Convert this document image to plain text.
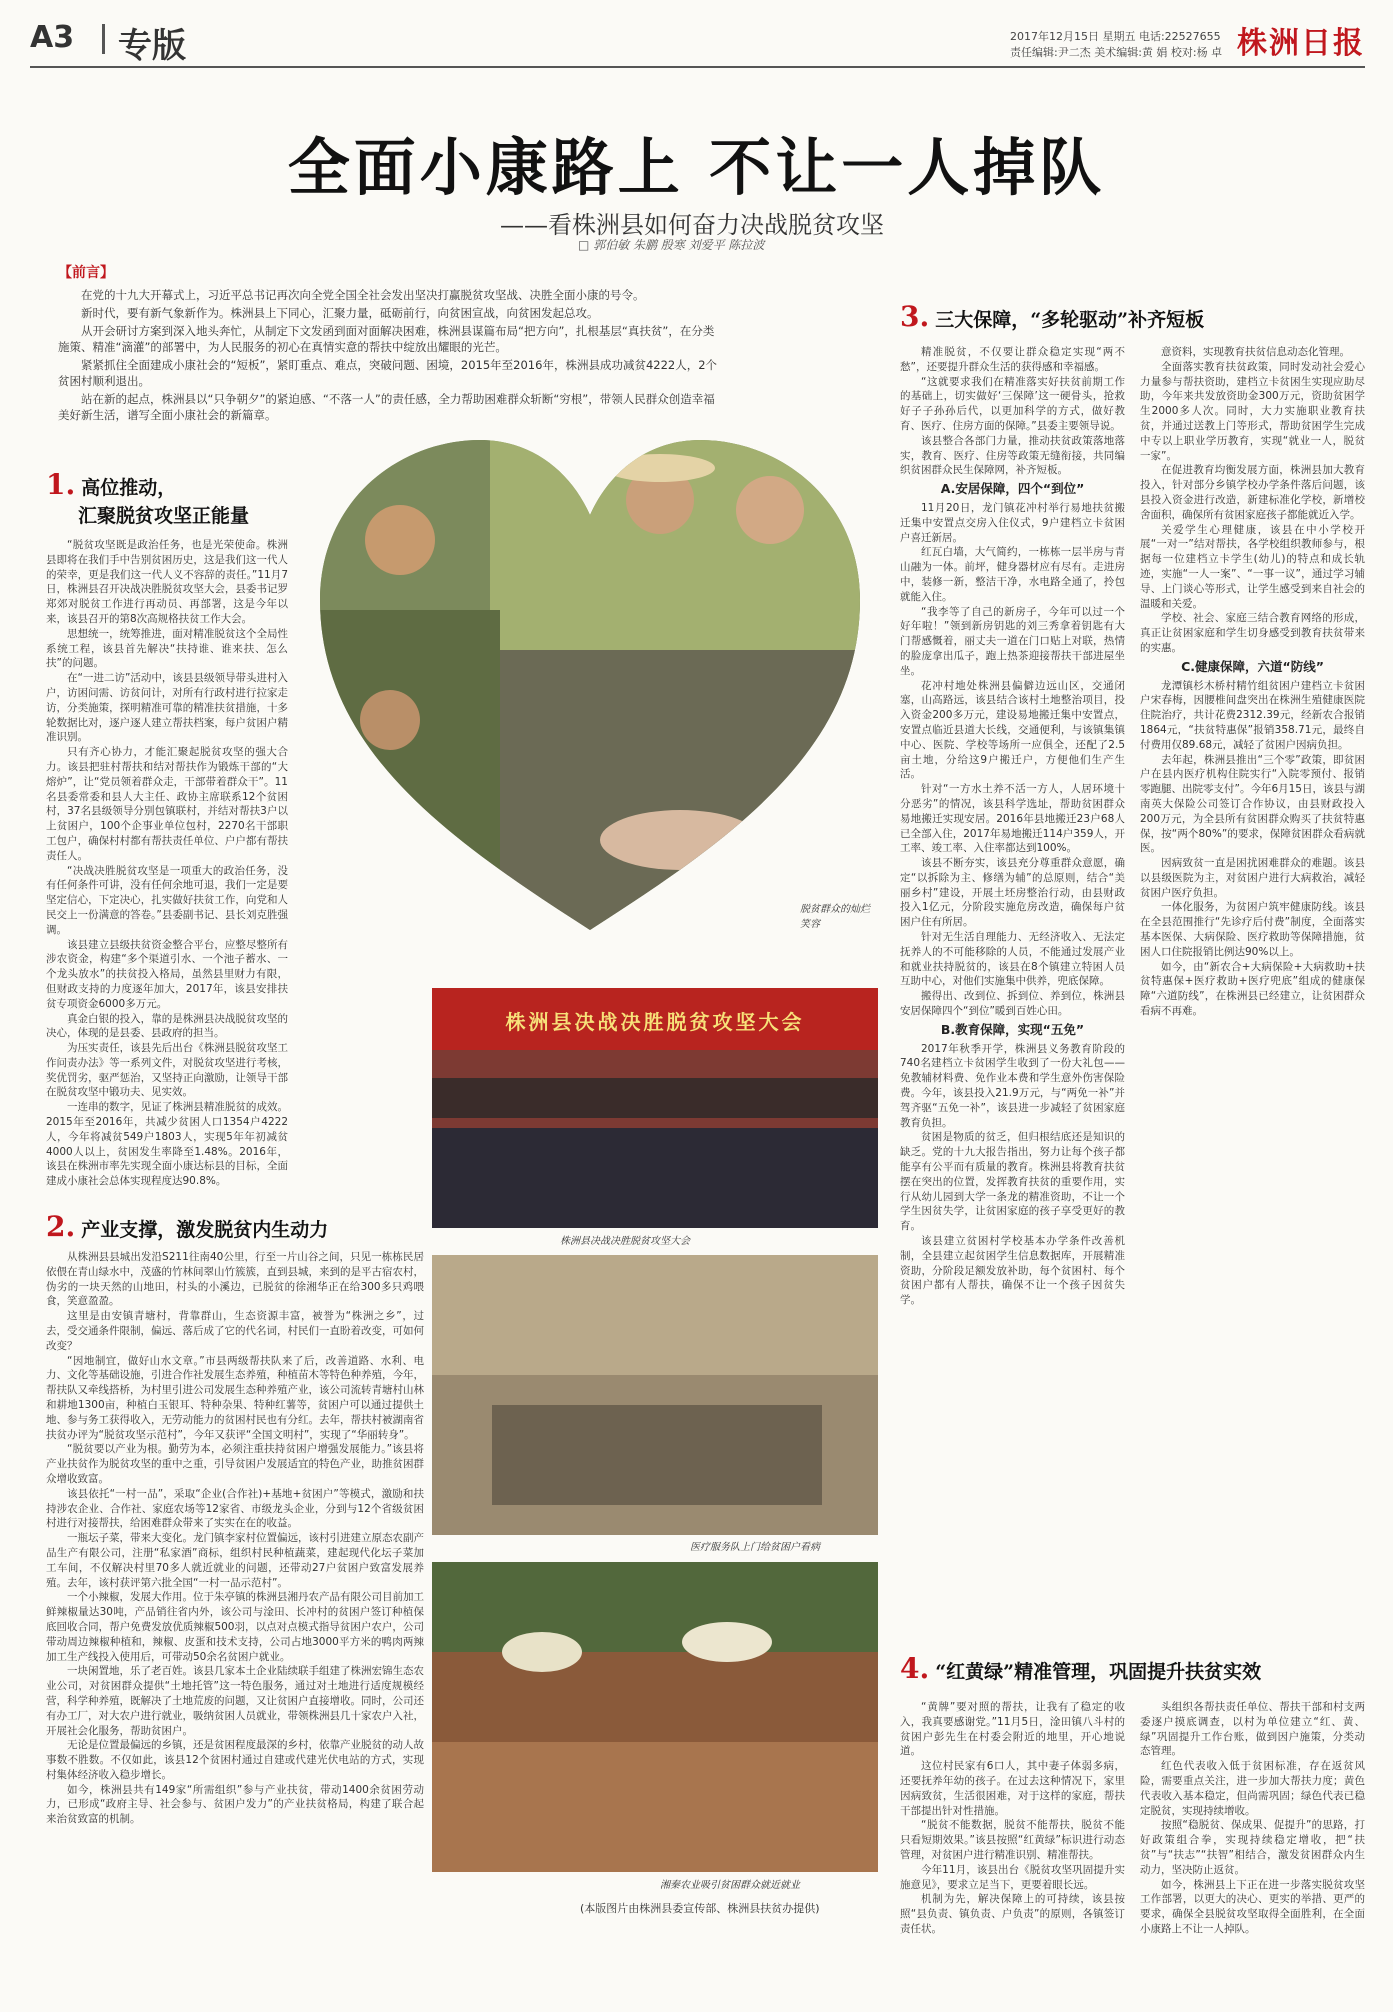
A3 专版	2017年12月15日 星期五 电话:22527655
责任编辑:尹二杰 美术编辑:黄 娟 校对:杨 卓 株洲日报
全面小康路上 不让一人掉队
——看株洲县如何奋力决战脱贫攻坚
□ 郭伯敏 朱鹏 殷寒 刘爱平 陈拉波
【前言】

在党的十九大开幕式上，习近平总书记再次向全党全国全社会发出坚决打赢脱贫攻坚战、决胜全面小康的号令。

新时代，要有新气象新作为。株洲县上下同心，汇聚力量，砥砺前行，向贫困宣战，向贫困发起总攻。

从开会研讨方案到深入地头奔忙，从制定下文发函到面对面解决困难，株洲县谋篇布局“把方向”，扎根基层“真扶贫”，在分类施策、精准“滴灌”的部署中，为人民服务的初心在真情实意的帮扶中绽放出耀眼的光芒。

紧紧抓住全面建成小康社会的“短板”，紧盯重点、难点，突破问题、困境，2015年至2016年，株洲县成功减贫4222人，2个贫困村顺利退出。

站在新的起点，株洲县以“只争朝夕”的紧迫感、“不落一人”的责任感，全力帮助困难群众斩断“穷根”，带领人民群众创造幸福美好新生活，谱写全面小康社会的新篇章。

1. 高位推动，
汇聚脱贫攻坚正能量

“脱贫攻坚既是政治任务，也是光荣使命。株洲县即将在我们手中告别贫困历史，这是我们这一代人的荣幸，更是我们这一代人义不容辞的责任。”11月7日，株洲县召开决战决胜脱贫攻坚大会，县委书记罗郑郊对脱贫工作进行再动员、再部署，这是今年以来，该县召开的第8次高规格扶贫工作大会。

思想统一，统筹推进，面对精准脱贫这个全局性系统工程，该县首先解决“扶持谁、谁来扶、怎么扶”的问题。

在“一进二访”活动中，该县县级领导带头进村入户，访困问需、访贫问计，对所有行政村进行拉家走访，分类施策，探明精准可靠的精准扶贫措施，十多轮数据比对，逐户逐人建立帮扶档案，每户贫困户精准识别。

只有齐心协力，才能汇聚起脱贫攻坚的强大合力。该县把驻村帮扶和结对帮扶作为锻炼干部的“大熔炉”，让“党员领着群众走，干部带着群众干”。11名县委常委和县人大主任、政协主席联系12个贫困村，37名县级领导分别包镇联村，并结对帮扶3户以上贫困户，100个企事业单位包村，2270名干部职工包户，确保村村都有帮扶责任单位、户户都有帮扶责任人。

“决战决胜脱贫攻坚是一项重大的政治任务，没有任何条件可讲，没有任何余地可退，我们一定是要坚定信心，下定决心，扎实做好扶贫工作，向党和人民交上一份满意的答卷。”县委副书记、县长刘克胜强调。

该县建立县级扶贫资金整合平台，应整尽整所有涉农资金，构建“多个渠道引水、一个池子蓄水、一个龙头放水”的扶贫投入格局，虽然县里财力有限，但财政支持的力度逐年加大，2017年，该县安排扶贫专项资金6000多万元。

真金白银的投入，靠的是株洲县决战脱贫攻坚的决心，体现的是县委、县政府的担当。

为压实责任，该县先后出台《株洲县脱贫攻坚工作问责办法》等一系列文件，对脱贫攻坚进行考核，奖优罚劣，驱严惩治，又坚持正向激励，让领导干部在脱贫攻坚中锻功夫、见实效。

一连串的数字，见证了株洲县精准脱贫的成效。2015年至2016年，共减少贫困人口1354户4222人，今年将减贫549户1803人，实现5年年初减贫4000人以上，贫困发生率降至1.48%。2016年，该县在株洲市率先实现全面小康达标县的目标，全面建成小康社会总体实现程度达90.8%。

脱贫群众的灿烂笑容
株洲县决战决胜脱贫攻坚大会
株洲县决战决胜脱贫攻坚大会
医疗服务队上门给贫困户看病
湘秦农业吸引贫困群众就近就业
(本版图片由株洲县委宣传部、株洲县扶贫办提供)
2. 产业支撑，激发脱贫内生动力

从株洲县县城出发沿S211往南40公里，行至一片山谷之间，只见一栋栋民居依偎在青山绿水中，茂盛的竹林间翠山竹簇簇，直到县城，来到的是平古宿农村，伪劣的一块天然的山地田，村头的小溪边，已脱贫的徐湘华正在给300多只鸡喂食，笑意盈盈。

这里是由安镇青塘村，背靠群山，生态资源丰富，被誉为“株洲之乡”，过去，受交通条件限制，偏远、落后成了它的代名词，村民们一直盼着改变，可如何改变？

“因地制宜，做好山水文章。”市县两级帮扶队来了后，改善道路、水利、电力、文化等基础设施，引进合作社发展生态养殖，种植苗木等特色种养殖，今年，帮扶队又牵线搭桥，为村里引进公司发展生态种养殖产业，该公司流转青塘村山林和耕地1300亩，种植白玉银耳、特种杂果、特种红薯等，贫困户可以通过提供土地、参与务工获得收入，无劳动能力的贫困村民也有分红。去年，帮扶村被湖南省扶贫办评为“脱贫攻坚示范村”，今年又获评“全国文明村”，实现了“华丽转身”。

“脱贫要以产业为根。勤劳为本，必须注重扶持贫困户增强发展能力。”该县将产业扶贫作为脱贫攻坚的重中之重，引导贫困户发展适宜的特色产业，助推贫困群众增收致富。

该县依托“一村一品”，采取“企业(合作社)+基地+贫困户”等模式，激励和扶持涉农企业、合作社、家庭农场等12家省、市级龙头企业，分到与12个省级贫困村进行对接帮扶，给困难群众带来了实实在在的收益。

一瓶坛子菜，带来大变化。龙门镇李家村位置偏远，该村引进建立原态农副产品生产有限公司，注册“私家酒”商标，组织村民种植蔬菜，建起现代化坛子菜加工车间，不仅解决村里70多人就近就业的问题，还带动27户贫困户致富发展养殖。去年，该村获评第六批全国“一村一品示范村”。

一个小辣椒，发展大作用。位于朱亭镇的株洲县湘丹农产品有限公司目前加工鲜辣椒量达30吨，产品销往省内外，该公司与淦田、长冲村的贫困户签订种植保底回收合同，帮户免费发放优质辣椒500羽，以点对点模式指导贫困户农户，公司带动周边辣椒种植和，辣椒、皮蛋和技术支持，公司占地3000平方米的鸭肉两辣加工生产线投入使用后，可带动50余名贫困户就业。

一块闲置地，乐了老百姓。该县几家本土企业陆续联手组建了株洲宏锦生态农业公司，对贫困群众提供“土地托管”这一特色服务，通过对土地进行适度规模经营，科学种养殖，既解决了土地荒废的问题，又让贫困户直接增收。同时，公司还有办工厂，对大农户进行就业，吸纳贫困人员就业，带领株洲县几十家农户入社，开展社会化服务，帮助贫困户。

无论是位置最偏远的乡镇，还是贫困程度最深的乡村，依靠产业脱贫的动人故事数不胜数。不仅如此，该县12个贫困村通过自建或代建光伏电站的方式，实现村集体经济收入稳步增长。

如今，株洲县共有149家“所需组织”参与产业扶贫，带动1400余贫困劳动力，已形成“政府主导、社会参与、贫困户发力”的产业扶贫格局，构建了联合起来治贫致富的机制。

3. 三大保障，“多轮驱动”补齐短板

精准脱贫，不仅要让群众稳定实现“两不愁”，还要提升群众生活的获得感和幸福感。

“这就要求我们在精准落实好扶贫前期工作的基础上，切实做好‘三保障’这一硬骨头，抢救好子子孙孙后代，以更加科学的方式，做好教育、医疗、住房方面的保障。”县委主要领导说。

该县整合各部门力量，推动扶贫政策落地落实，教育、医疗、住房等政策无缝衔接，共同编织贫困群众民生保障网，补齐短板。

A.安居保障，四个“到位”

11月20日，龙门镇花冲村举行易地扶贫搬迁集中安置点交房入住仪式，9户建档立卡贫困户喜迁新居。

红瓦白墙，大气简约，一栋栋一层半房与青山融为一体。前坪，健身器材应有尽有。走进房中，装修一新，整洁干净，水电路全通了，拎包就能入住。

“我李等了自己的新房子，今年可以过一个好年啦！”领到新房钥匙的刘三秀拿着钥匙有大门帮感慨着，丽丈夫一道在门口贴上对联，热情的脸庞拿出瓜子，跑上热茶迎接帮扶干部进屋坐坐。

花冲村地处株洲县偏僻边远山区，交通闭塞，山高路远，该县结合该村土地整治项目，投入资金200多万元，建设易地搬迁集中安置点，安置点临近县道大长线，交通便利，与该镇集镇中心、医院、学校等场所一应俱全，还配了2.5亩土地，分给这9户搬迁户，方便他们生产生活。

针对“一方水土养不活一方人，人居环境十分恶劣”的情况，该县科学选址，帮助贫困群众易地搬迁实现安居。2016年县地搬迁23户68人已全部入住，2017年易地搬迁114户359人，开工率、竣工率、入住率都达到100%。

该县不断夯实，该县充分尊重群众意愿，确定“以拆除为主、修缮为辅”的总原则，结合“美丽乡村”建设，开展土坯房整治行动，由县财政投入1亿元，分阶段实施危房改造，确保每户贫困户住有所居。

针对无生活自理能力、无经济收入、无法定抚养人的不可能移除的人员，不能通过发展产业和就业扶持脱贫的，该县在8个镇建立特困人员互助中心，对他们实施集中供养，兜底保障。

搬得出、改到位、拆到位、养到位，株洲县安居保障四个“到位”暖到百姓心田。

B.教育保障，实现“五免”

2017年秋季开学，株洲县义务教育阶段的740名建档立卡贫困学生收到了一份大礼包——免教辅材料费、免作业本费和学生意外伤害保险费。今年，该县投入21.9万元，与“两免一补”并驾齐驱“五免一补”，该县进一步减轻了贫困家庭教育负担。

贫困是物质的贫乏，但归根结底还是知识的缺乏。党的十九大报告指出，努力让每个孩子都能享有公平而有质量的教育。株洲县将教育扶贫摆在突出的位置，发挥教育扶贫的重要作用，实行从幼儿园到大学一条龙的精准资助，不让一个学生因贫失学，让贫困家庭的孩子享受更好的教育。

该县建立贫困村学校基本办学条件改善机制，全县建立起贫困学生信息数据库，开展精准资助，分阶段足额发放补助，每个贫困村、每个贫困户都有人帮扶，确保不让一个孩子因贫失学。

意资料，实现教育扶贫信息动态化管理。

全面落实教育扶贫政策，同时发动社会爱心力量参与帮扶资助，建档立卡贫困生实现应助尽助，今年来共发放资助金300万元，资助贫困学生2000多人次。同时，大力实施职业教育扶贫，并通过送教上门等形式，帮助贫困学生完成中专以上职业学历教育，实现“就业一人，脱贫一家”。

在促进教育均衡发展方面，株洲县加大教育投入，针对部分乡镇学校办学条件落后问题，该县投入资金进行改造，新建标准化学校，新增校舍面积，确保所有贫困家庭孩子都能就近入学。

关爱学生心理健康，该县在中小学校开展“一对一”结对帮扶，各学校组织教师参与，根据每一位建档立卡学生(幼儿)的特点和成长轨迹，实施“一人一案”、“一事一议”，通过学习辅导、上门谈心等形式，让学生感受到来自社会的温暖和关爱。

学校、社会、家庭三结合教育网络的形成，真正让贫困家庭和学生切身感受到教育扶贫带来的实惠。

C.健康保障，六道“防线”

龙潭镇杉木桥村精竹组贫困户建档立卡贫困户宋春梅，因腰椎间盘突出在株洲生殖健康医院住院治疗，共计花费2312.39元，经新农合报销1864元，“扶贫特惠保”报销358.71元，最终自付费用仅89.68元，减轻了贫困户因病负担。

去年起，株洲县推出“三个零”政策，即贫困户在县内医疗机构住院实行“入院零预付、报销零跑腿、出院零支付”。今年6月15日，该县与湖南英大保险公司签订合作协议，由县财政投入200万元，为全县所有贫困群众购买了扶贫特惠保，按“两个80%”的要求，保障贫困群众看病就医。

因病致贫一直是困扰困难群众的难题。该县以县级医院为主，对贫困户进行大病救治，减轻贫困户医疗负担。

一体化服务，为贫困户筑牢健康防线。该县在全县范围推行“先诊疗后付费”制度，全面落实基本医保、大病保险、医疗救助等保障措施，贫困人口住院报销比例达90%以上。

如今，由“新农合+大病保险+大病救助+扶贫特惠保+医疗救助+医疗兜底”组成的健康保障“六道防线”，在株洲县已经建立，让贫困群众看病不再难。

4. “红黄绿”精准管理，巩固提升扶贫实效

“黄牌”要对照的帮扶，让我有了稳定的收入，我真要感谢党。”11月5日，淦田镇八斗村的贫困户彭先生在村委会附近的地里，开心地说道。

这位村民家有6口人，其中妻子体弱多病，还要抚养年幼的孩子。在过去这种情况下，家里因病致贫，生活很困难，对于这样的家庭，帮扶干部提出针对性措施。

“脱贫不能数据，脱贫不能帮扶，脱贫不能只看短期效果。”该县按照“红黄绿”标识进行动态管理，对贫困户进行精准识别、精准帮扶。

今年11月，该县出台《脱贫攻坚巩固提升实施意见》，要求立足当下，更要着眼长远。

机制为先，解决保障上的可持续，该县按照“县负责、镇负责、户负责”的原则，各镇签订责任状。

头组织各帮扶责任单位、帮扶干部和村支两委逐户摸底调查，以村为单位建立“红、黄、绿”巩固提升工作台账，做到因户施策，分类动态管理。

红色代表收入低于贫困标准，存在返贫风险，需要重点关注，进一步加大帮扶力度；黄色代表收入基本稳定，但尚需巩固；绿色代表已稳定脱贫，实现持续增收。

按照“稳脱贫、保成果、促提升”的思路，打好政策组合拳，实现持续稳定增收，把“扶贫”与“扶志”“扶智”相结合，激发贫困群众内生动力，坚决防止返贫。

如今，株洲县上下正在进一步落实脱贫攻坚工作部署，以更大的决心、更实的举措、更严的要求，确保全县脱贫攻坚取得全面胜利，在全面小康路上不让一人掉队。
